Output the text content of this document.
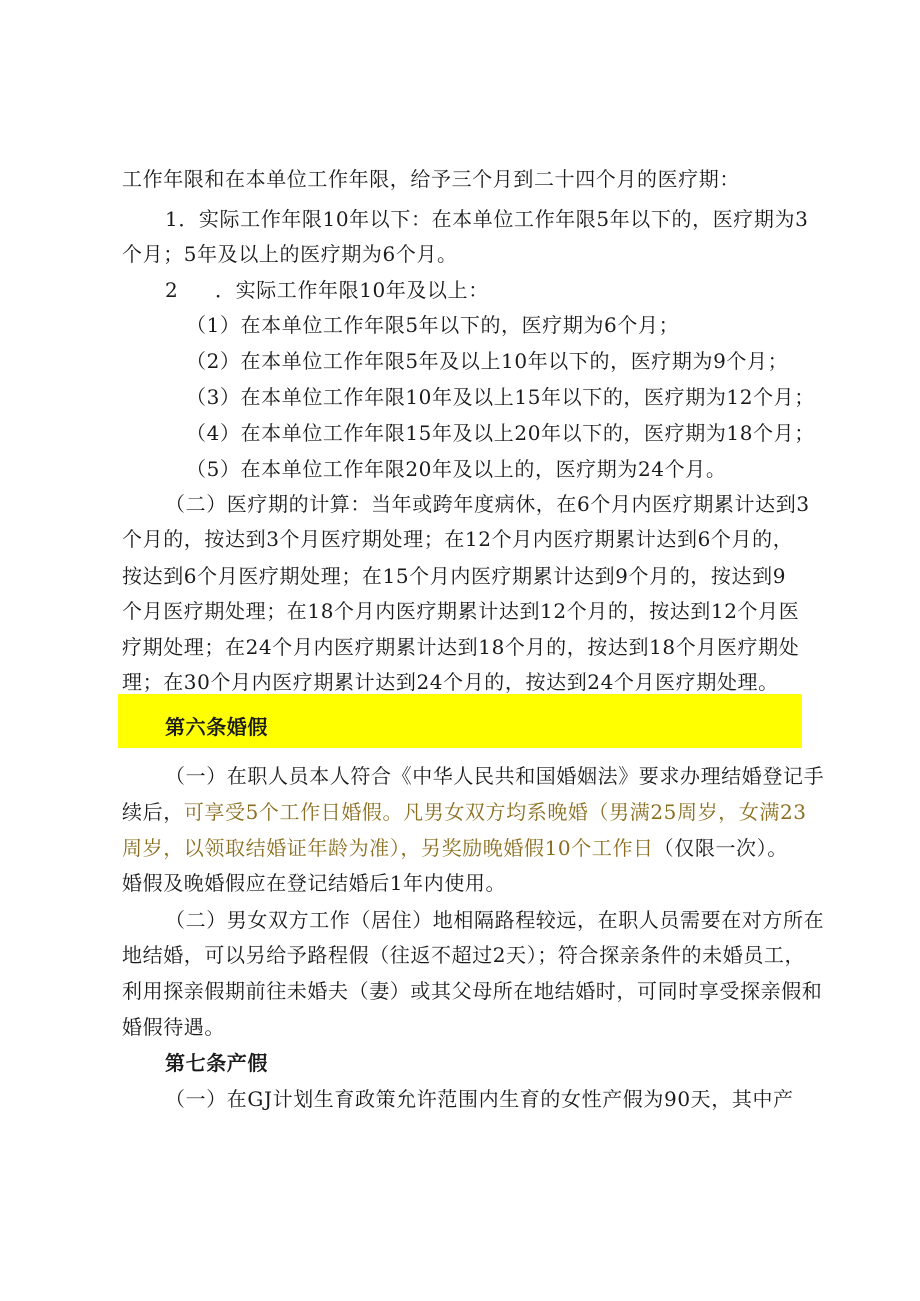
工作年限和在本单位工作年限，给予三个月到二十四个月的医疗期：
1．实际工作年限10年以下：在本单位工作年限5年以下的，医疗期为3
个月；5年及以上的医疗期为6个月。
2 ．实际工作年限10年及以上：
（1）在本单位工作年限5年以下的，医疗期为6个月；
（2）在本单位工作年限5年及以上10年以下的，医疗期为9个月；
（3）在本单位工作年限10年及以上15年以下的，医疗期为12个月；
（4）在本单位工作年限15年及以上20年以下的，医疗期为18个月；
（5）在本单位工作年限20年及以上的，医疗期为24个月。
（二）医疗期的计算：当年或跨年度病休，在6个月内医疗期累计达到3
个月的，按达到3个月医疗期处理；在12个月内医疗期累计达到6个月的，
按达到6个月医疗期处理；在15个月内医疗期累计达到9个月的，按达到9
个月医疗期处理；在18个月内医疗期累计达到12个月的，按达到12个月医
疗期处理；在24个月内医疗期累计达到18个月的，按达到18个月医疗期处
理；在30个月内医疗期累计达到24个月的，按达到24个月医疗期处理。
第六条婚假
（一）在职人员本人符合《中华人民共和国婚姻法》要求办理结婚登记手
续后，可享受5个工作日婚假。凡男女双方均系晚婚（男满25周岁，女满23
周岁，以领取结婚证年龄为准），另奖励晚婚假10个工作日（仅限一次）。
婚假及晚婚假应在登记结婚后1年内使用。
（二）男女双方工作（居住）地相隔路程较远，在职人员需要在对方所在
地结婚，可以另给予路程假（往返不超过2天）；符合探亲条件的未婚员工，
利用探亲假期前往未婚夫（妻）或其父母所在地结婚时，可同时享受探亲假和
婚假待遇。
第七条产假
（一）在GJ计划生育政策允许范围内生育的女性产假为90天，其中产
